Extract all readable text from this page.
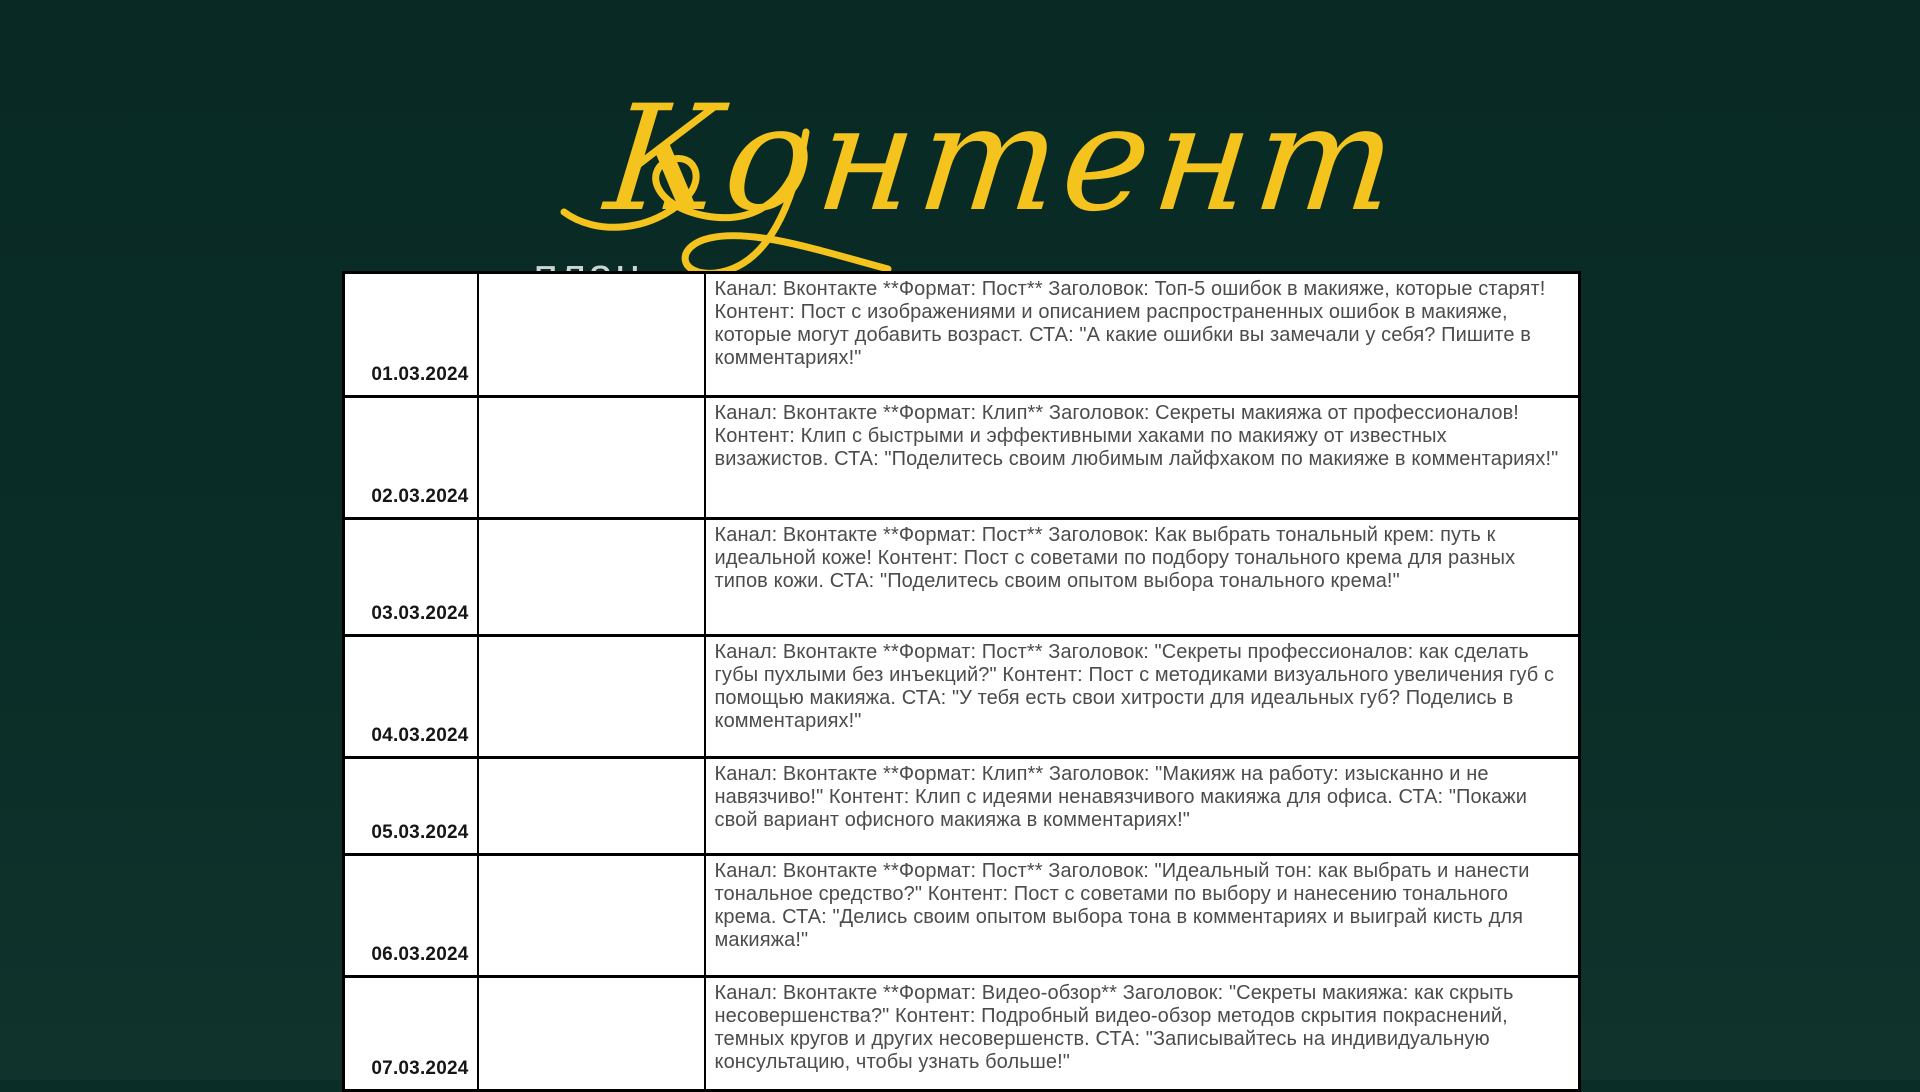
Контент
01.03.2024		Канал: Вконтакте **Формат: Пост** Заголовок: Топ-5 ошибок в макияже, которые старят! Контент: Пост с изображениями и описанием распространенных ошибок в макияже, которые могут добавить возраст. СТА: "А какие ошибки вы замечали у себя? Пишите в комментариях!"
02.03.2024		Канал: Вконтакте **Формат: Клип** Заголовок: Секреты макияжа от профессионалов! Контент: Клип с быстрыми и эффективными хаками по макияжу от известных визажистов. СТА: "Поделитесь своим любимым лайфхаком по макияже в комментариях!"
03.03.2024		Канал: Вконтакте **Формат: Пост** Заголовок: Как выбрать тональный крем: путь к идеальной коже! Контент: Пост с советами по подбору тонального крема для разных типов кожи. СТА: "Поделитесь своим опытом выбора тонального крема!"
04.03.2024		Канал: Вконтакте **Формат: Пост** Заголовок: "Секреты профессионалов: как сделать губы пухлыми без инъекций?" Контент: Пост с методиками визуального увеличения губ с помощью макияжа. СТА: "У тебя есть свои хитрости для идеальных губ? Поделись в комментариях!"
05.03.2024		Канал: Вконтакте **Формат: Клип** Заголовок: "Макияж на работу: изысканно и не навязчиво!" Контент: Клип с идеями ненавязчивого макияжа для офиса. СТА: "Покажи свой вариант офисного макияжа в комментариях!"
06.03.2024		Канал: Вконтакте **Формат: Пост** Заголовок: "Идеальный тон: как выбрать и нанести тональное средство?" Контент: Пост с советами по выбору и нанесению тонального крема. СТА: "Делись своим опытом выбора тона в комментариях и выиграй кисть для макияжа!"
07.03.2024		Канал: Вконтакте **Формат: Видео-обзор** Заголовок: "Секреты макияжа: как скрыть несовершенства?" Контент: Подробный видео-обзор методов скрытия покраснений, темных кругов и других несовершенств. СТА: "Записывайтесь на индивидуальную консультацию, чтобы узнать больше!"
